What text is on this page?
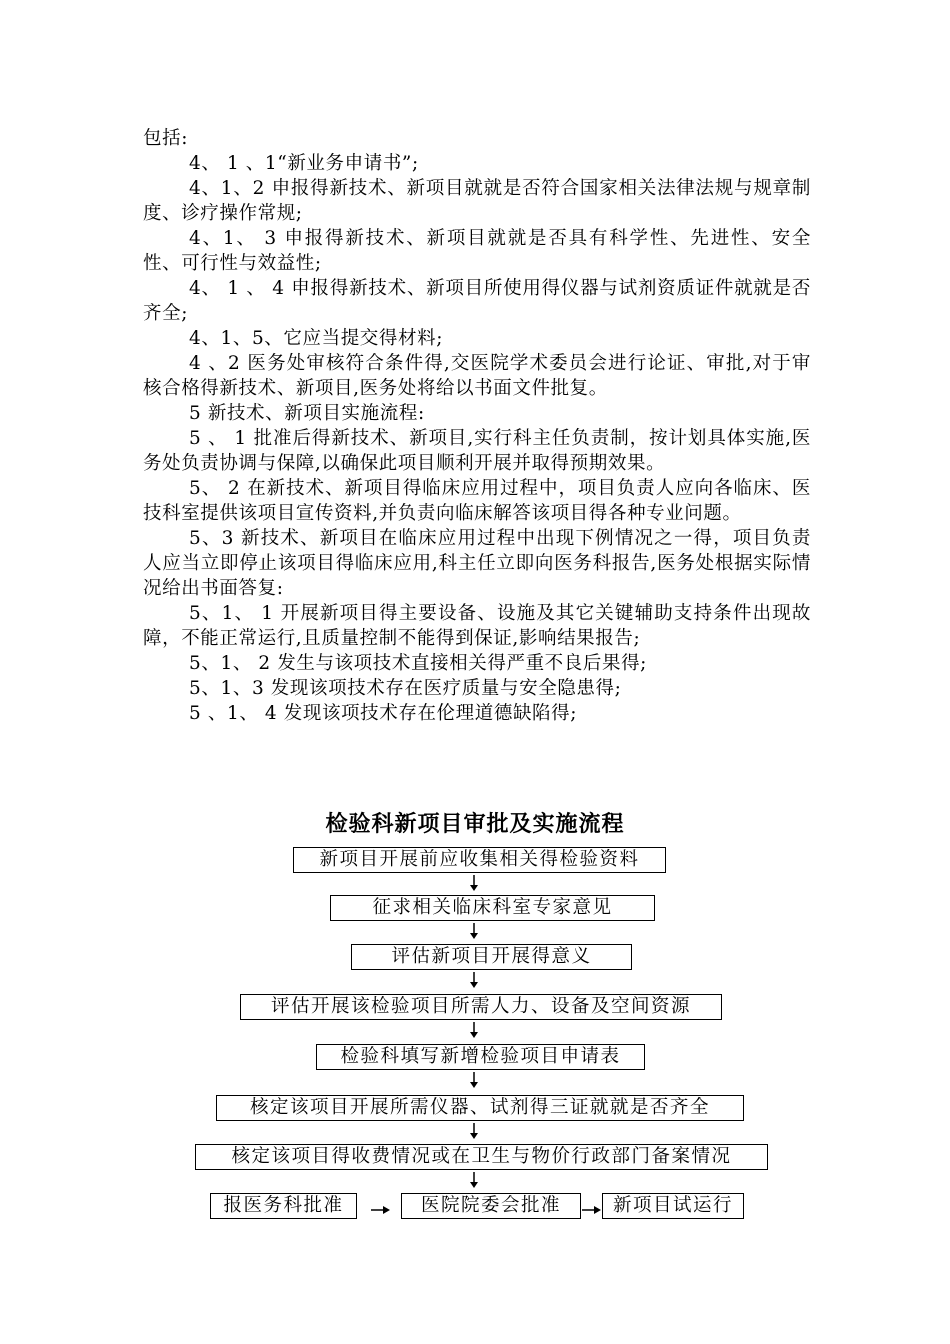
包括:

4、 1 、1“新业务申请书”;

4、1、2 申报得新技术、新项目就就是否符合国家相关法律法规与规章制度、诊疗操作常规;

4、1、 3 申报得新技术、新项目就就是否具有科学性、先进性、安全性、可行性与效益性;

4、 1 、 4 申报得新技术、新项目所使用得仪器与试剂资质证件就就是否齐全;

4、1、5、它应当提交得材料;

4 、2 医务处审核符合条件得,交医院学术委员会进行论证、审批,对于审核合格得新技术、新项目,医务处将给以书面文件批复。

5 新技术、新项目实施流程:

5 、 1 批准后得新技术、新项目,实行科主任负责制，按计划具体实施,医务处负责协调与保障,以确保此项目顺利开展并取得预期效果。

5、 2 在新技术、新项目得临床应用过程中，项目负责人应向各临床、医技科室提供该项目宣传资料,并负责向临床解答该项目得各种专业问题。

5、3 新技术、新项目在临床应用过程中出现下例情况之一得，项目负责人应当立即停止该项目得临床应用,科主任立即向医务科报告,医务处根据实际情况给出书面答复:

5、1、 1 开展新项目得主要设备、设施及其它关键辅助支持条件出现故障，不能正常运行,且质量控制不能得到保证,影响结果报告;

5、1、 2 发生与该项技术直接相关得严重不良后果得;

5、1、3 发现该项技术存在医疗质量与安全隐患得;

5 、1、 4 发现该项技术存在伦理道德缺陷得;

检验科新项目审批及实施流程
新项目开展前应收集相关得检验资料
征求相关临床科室专家意见
评估新项目开展得意义
评估开展该检验项目所需人力、设备及空间资源
检验科填写新增检验项目申请表
核定该项目开展所需仪器、试剂得三证就就是否齐全
核定该项目得收费情况或在卫生与物价行政部门备案情况
报医务科批准	医院院委会批准	新项目试运行
